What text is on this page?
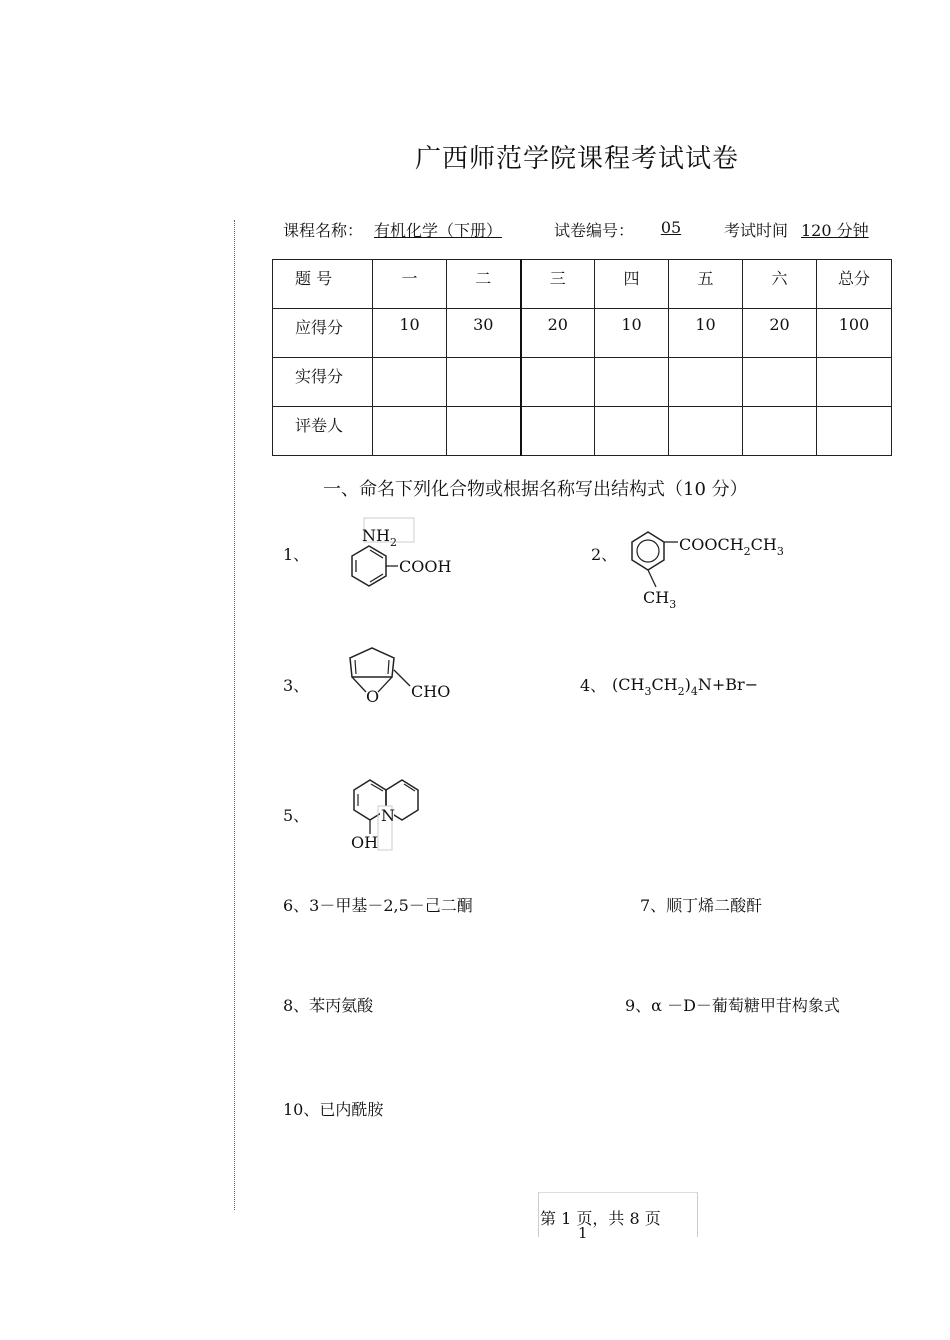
广西师范学院课程考试试卷
课程名称： 有机化学（下册）	试卷编号：	05	考试时间 120 分钟
题 号	一	二	三	四	五	六	总分
应得分	10	30	20	10	10	20	100
实得分							
评卷人							
一、命名下列化合物或根据名称写出结构式（10 分）
1、
$NH_2$
COOH
$COOCH_2CH_3$
$CH_3$
O CHO
N
OH
$(CH_3CH_2)_4N+Br-$
2、
3、	4、
5、
6、3－甲基－2,5－己二酮	7、顺丁烯二酸酐
8、苯丙氨酸	9、α －D－葡萄糖甲苷构象式
10、已内酰胺
第 1 页，共 8 页
1
